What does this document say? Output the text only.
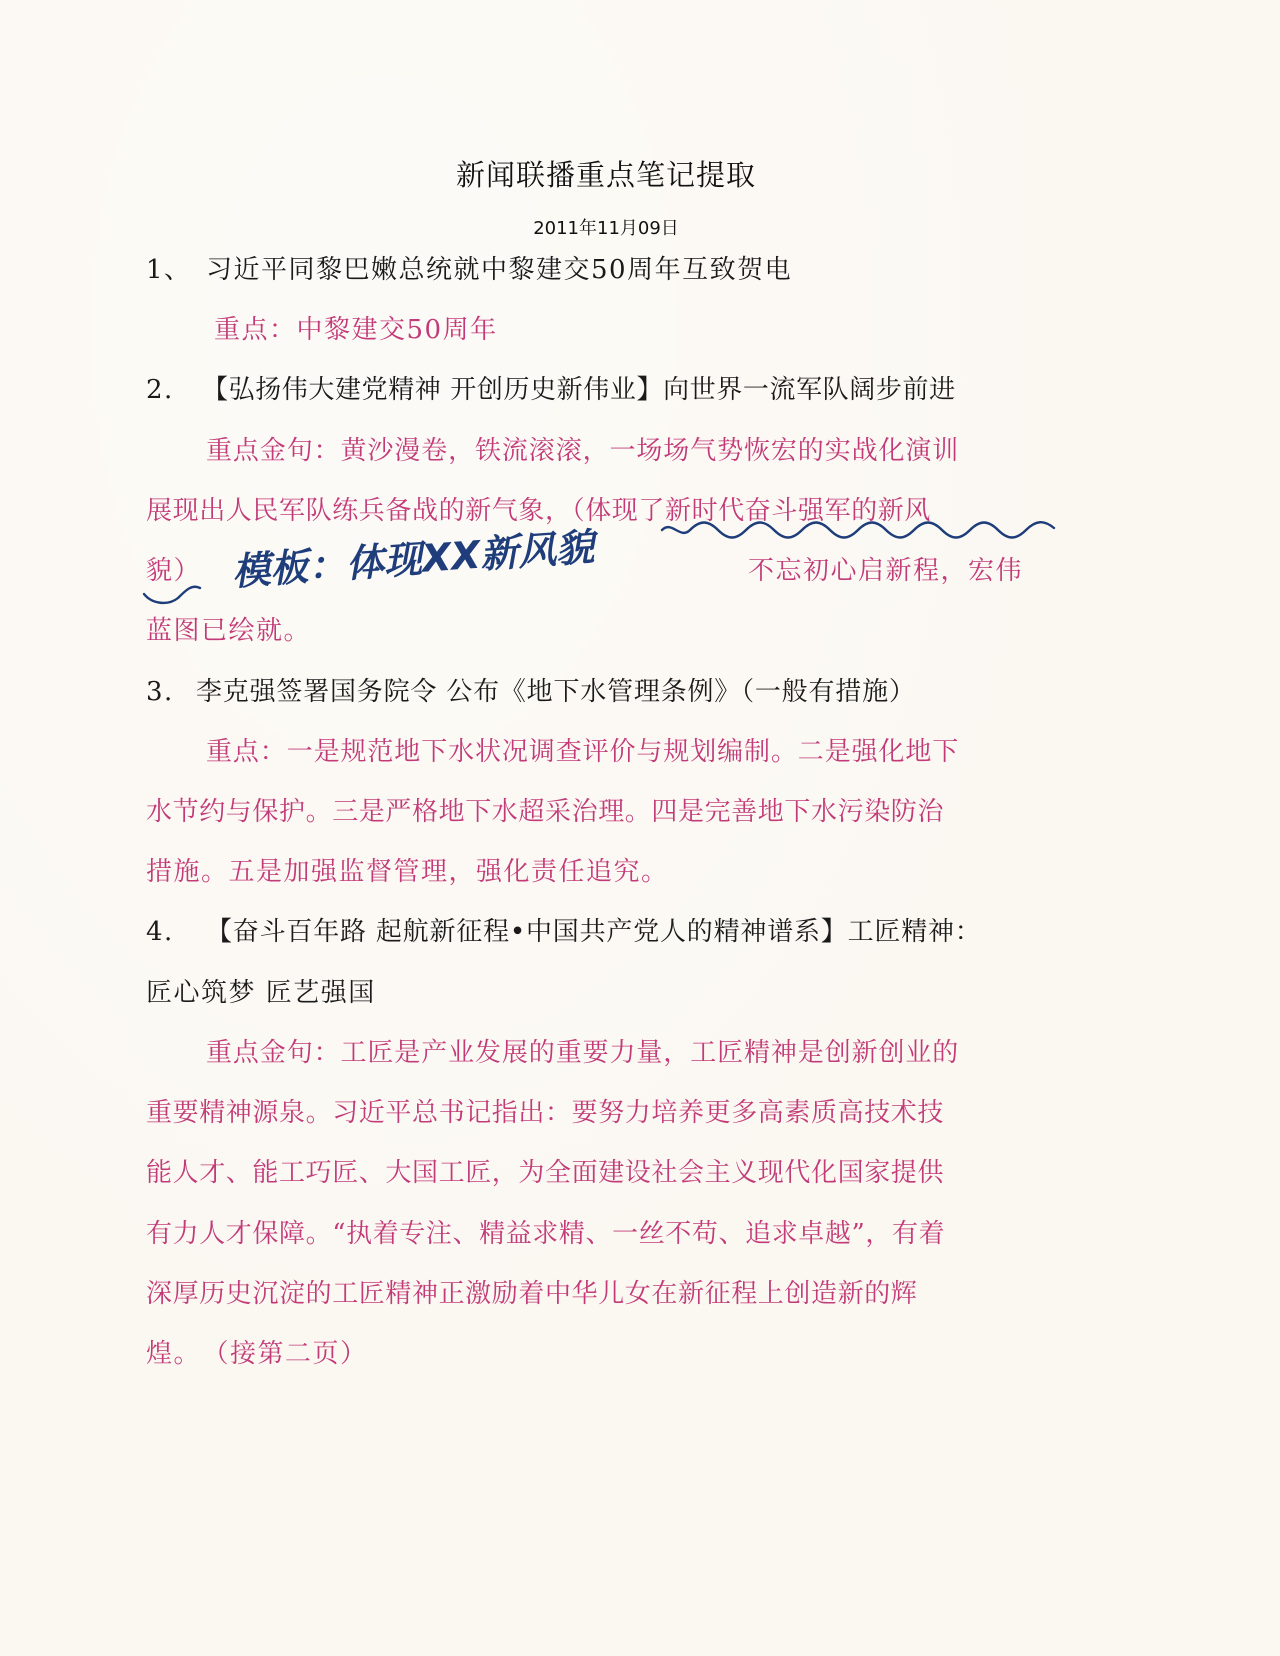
新闻联播重点笔记提取
2011年11月09日
1、 习近平同黎巴嫩总统就中黎建交50周年互致贺电
重点：中黎建交50周年
2. 【弘扬伟大建党精神 开创历史新伟业】向世界一流军队阔步前进
重点金句：黄沙漫卷，铁流滚滚，一场场气势恢宏的实战化演训
展现出人民军队练兵备战的新气象，（体现了新时代奋斗强军的新风
貌）	不忘初心启新程，宏伟
蓝图已绘就。
3. 李克强签署国务院令 公布《地下水管理条例》（一般有措施）
重点：一是规范地下水状况调查评价与规划编制。二是强化地下
水节约与保护。三是严格地下水超采治理。四是完善地下水污染防治
措施。五是加强监督管理，强化责任追究。
4. 【奋斗百年路 起航新征程•中国共产党人的精神谱系】工匠精神：
匠心筑梦 匠艺强国
重点金句：工匠是产业发展的重要力量，工匠精神是创新创业的
重要精神源泉。习近平总书记指出：要努力培养更多高素质高技术技
能人才、能工巧匠、大国工匠，为全面建设社会主义现代化国家提供
有力人才保障。“执着专注、精益求精、一丝不苟、追求卓越”，有着
深厚历史沉淀的工匠精神正激励着中华儿女在新征程上创造新的辉
煌。　（接第二页）
模板：体现XX新风貌
